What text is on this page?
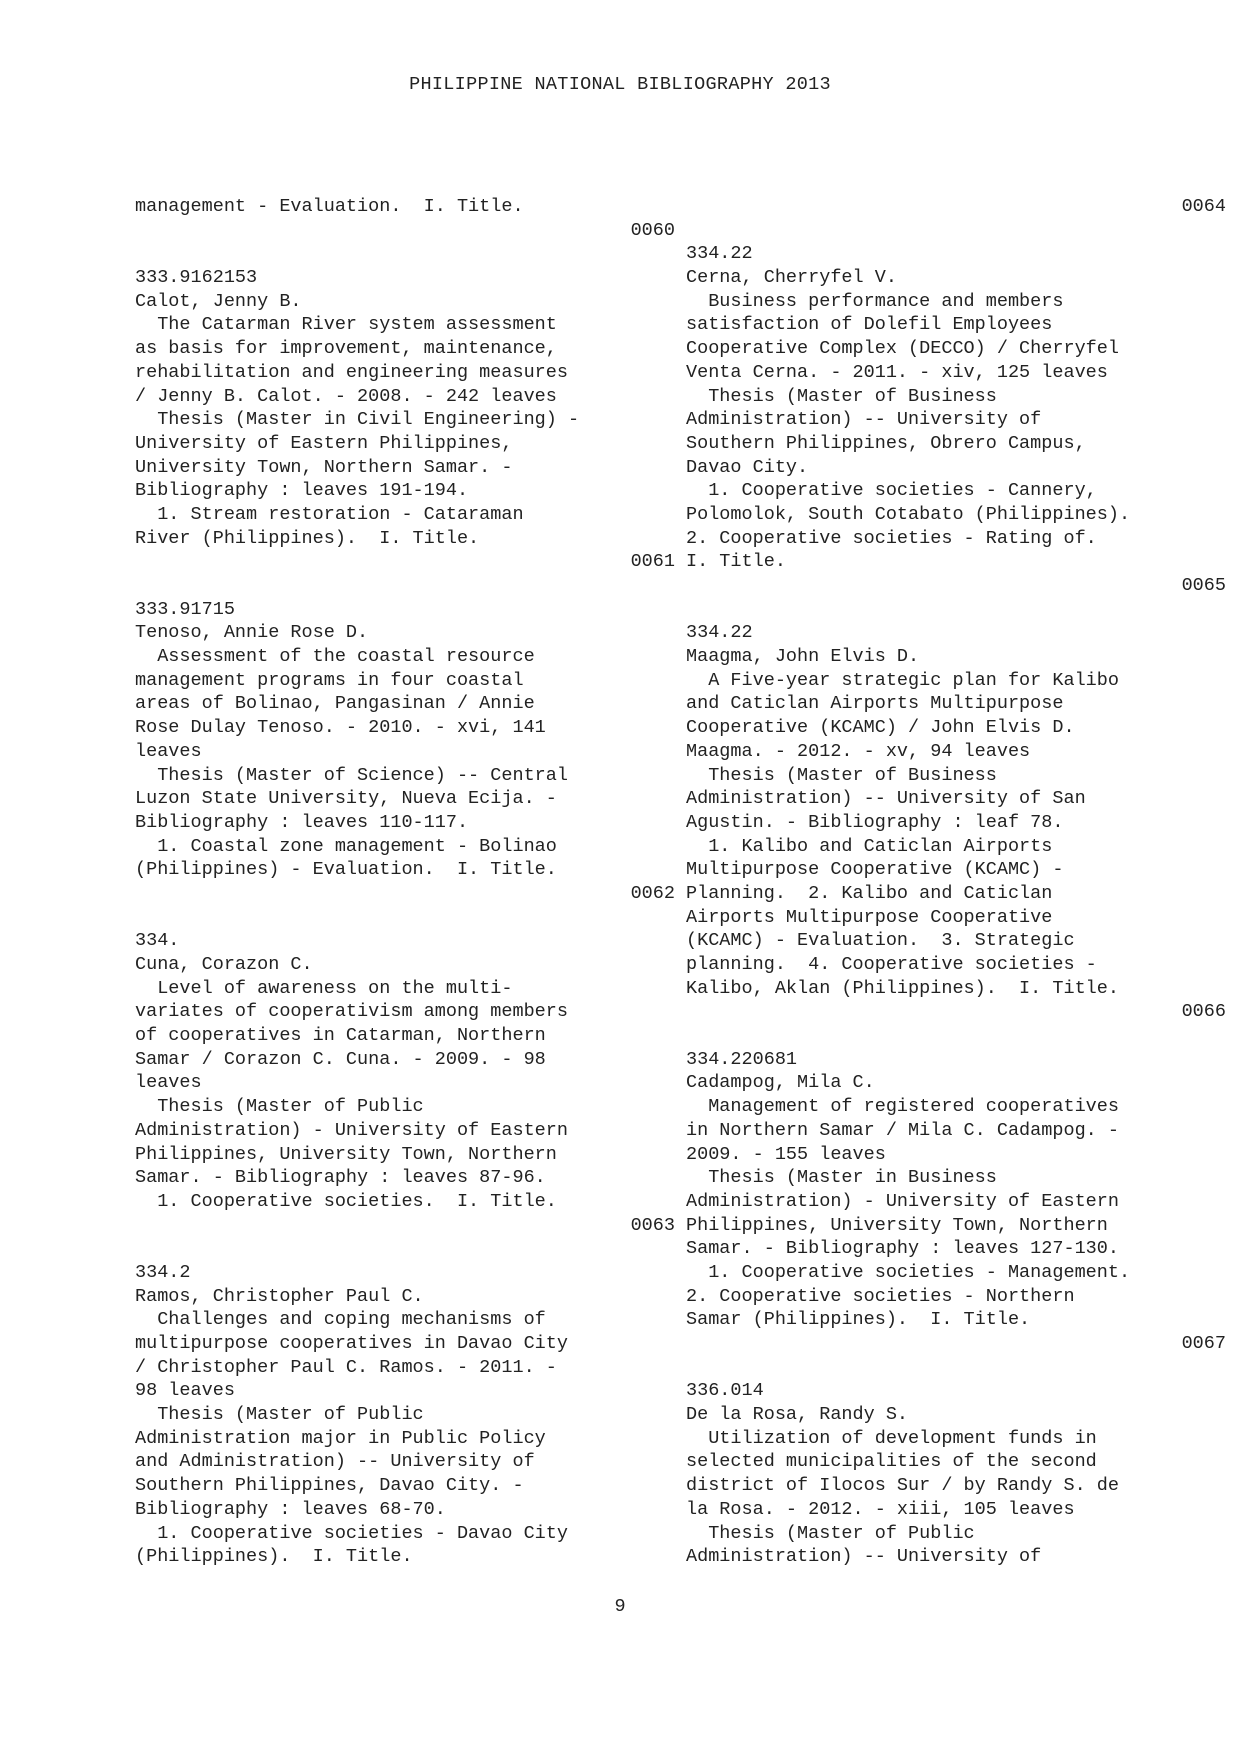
PHILIPPINE NATIONAL BIBLIOGRAPHY 2013
management - Evaluation.  I. Title.
0060
333.9162153
Calot, Jenny B.
The Catarman River system assessment
as basis for improvement, maintenance,
rehabilitation and engineering measures
/ Jenny B. Calot. - 2008. - 242 leaves
Thesis (Master in Civil Engineering) -
University of Eastern Philippines,
University Town, Northern Samar. -
Bibliography : leaves 191-194.
1. Stream restoration - Cataraman
River (Philippines).  I. Title.
0061
333.91715
Tenoso, Annie Rose D.
Assessment of the coastal resource
management programs in four coastal
areas of Bolinao, Pangasinan / Annie
Rose Dulay Tenoso. - 2010. - xvi, 141
leaves
Thesis (Master of Science) -- Central
Luzon State University, Nueva Ecija. -
Bibliography : leaves 110-117.
1. Coastal zone management - Bolinao
(Philippines) - Evaluation.  I. Title.
0062
334.
Cuna, Corazon C.
Level of awareness on the multi-
variates of cooperativism among members
of cooperatives in Catarman, Northern
Samar / Corazon C. Cuna. - 2009. - 98
leaves
Thesis (Master of Public
Administration) - University of Eastern
Philippines, University Town, Northern
Samar. - Bibliography : leaves 87-96.
1. Cooperative societies.  I. Title.
0063
334.2
Ramos, Christopher Paul C.
Challenges and coping mechanisms of
multipurpose cooperatives in Davao City
/ Christopher Paul C. Ramos. - 2011. -
98 leaves
Thesis (Master of Public
Administration major in Public Policy
and Administration) -- University of
Southern Philippines, Davao City. -
Bibliography : leaves 68-70.
1. Cooperative societies - Davao City
(Philippines).  I. Title.
0064
334.22
Cerna, Cherryfel V.
Business performance and members
satisfaction of Dolefil Employees
Cooperative Complex (DECCO) / Cherryfel
Venta Cerna. - 2011. - xiv, 125 leaves
Thesis (Master of Business
Administration) -- University of
Southern Philippines, Obrero Campus,
Davao City.
1. Cooperative societies - Cannery,
Polomolok, South Cotabato (Philippines).
2. Cooperative societies - Rating of.
I. Title.
0065
334.22
Maagma, John Elvis D.
A Five-year strategic plan for Kalibo
and Caticlan Airports Multipurpose
Cooperative (KCAMC) / John Elvis D.
Maagma. - 2012. - xv, 94 leaves
Thesis (Master of Business
Administration) -- University of San
Agustin. - Bibliography : leaf 78.
1. Kalibo and Caticlan Airports
Multipurpose Cooperative (KCAMC) -
Planning.  2. Kalibo and Caticlan
Airports Multipurpose Cooperative
(KCAMC) - Evaluation.  3. Strategic
planning.  4. Cooperative societies -
Kalibo, Aklan (Philippines).  I. Title.
0066
334.220681
Cadampog, Mila C.
Management of registered cooperatives
in Northern Samar / Mila C. Cadampog. -
2009. - 155 leaves
Thesis (Master in Business
Administration) - University of Eastern
Philippines, University Town, Northern
Samar. - Bibliography : leaves 127-130.
1. Cooperative societies - Management.
2. Cooperative societies - Northern
Samar (Philippines).  I. Title.
0067
336.014
De la Rosa, Randy S.
Utilization of development funds in
selected municipalities of the second
district of Ilocos Sur / by Randy S. de
la Rosa. - 2012. - xiii, 105 leaves
Thesis (Master of Public
Administration) -- University of
9
